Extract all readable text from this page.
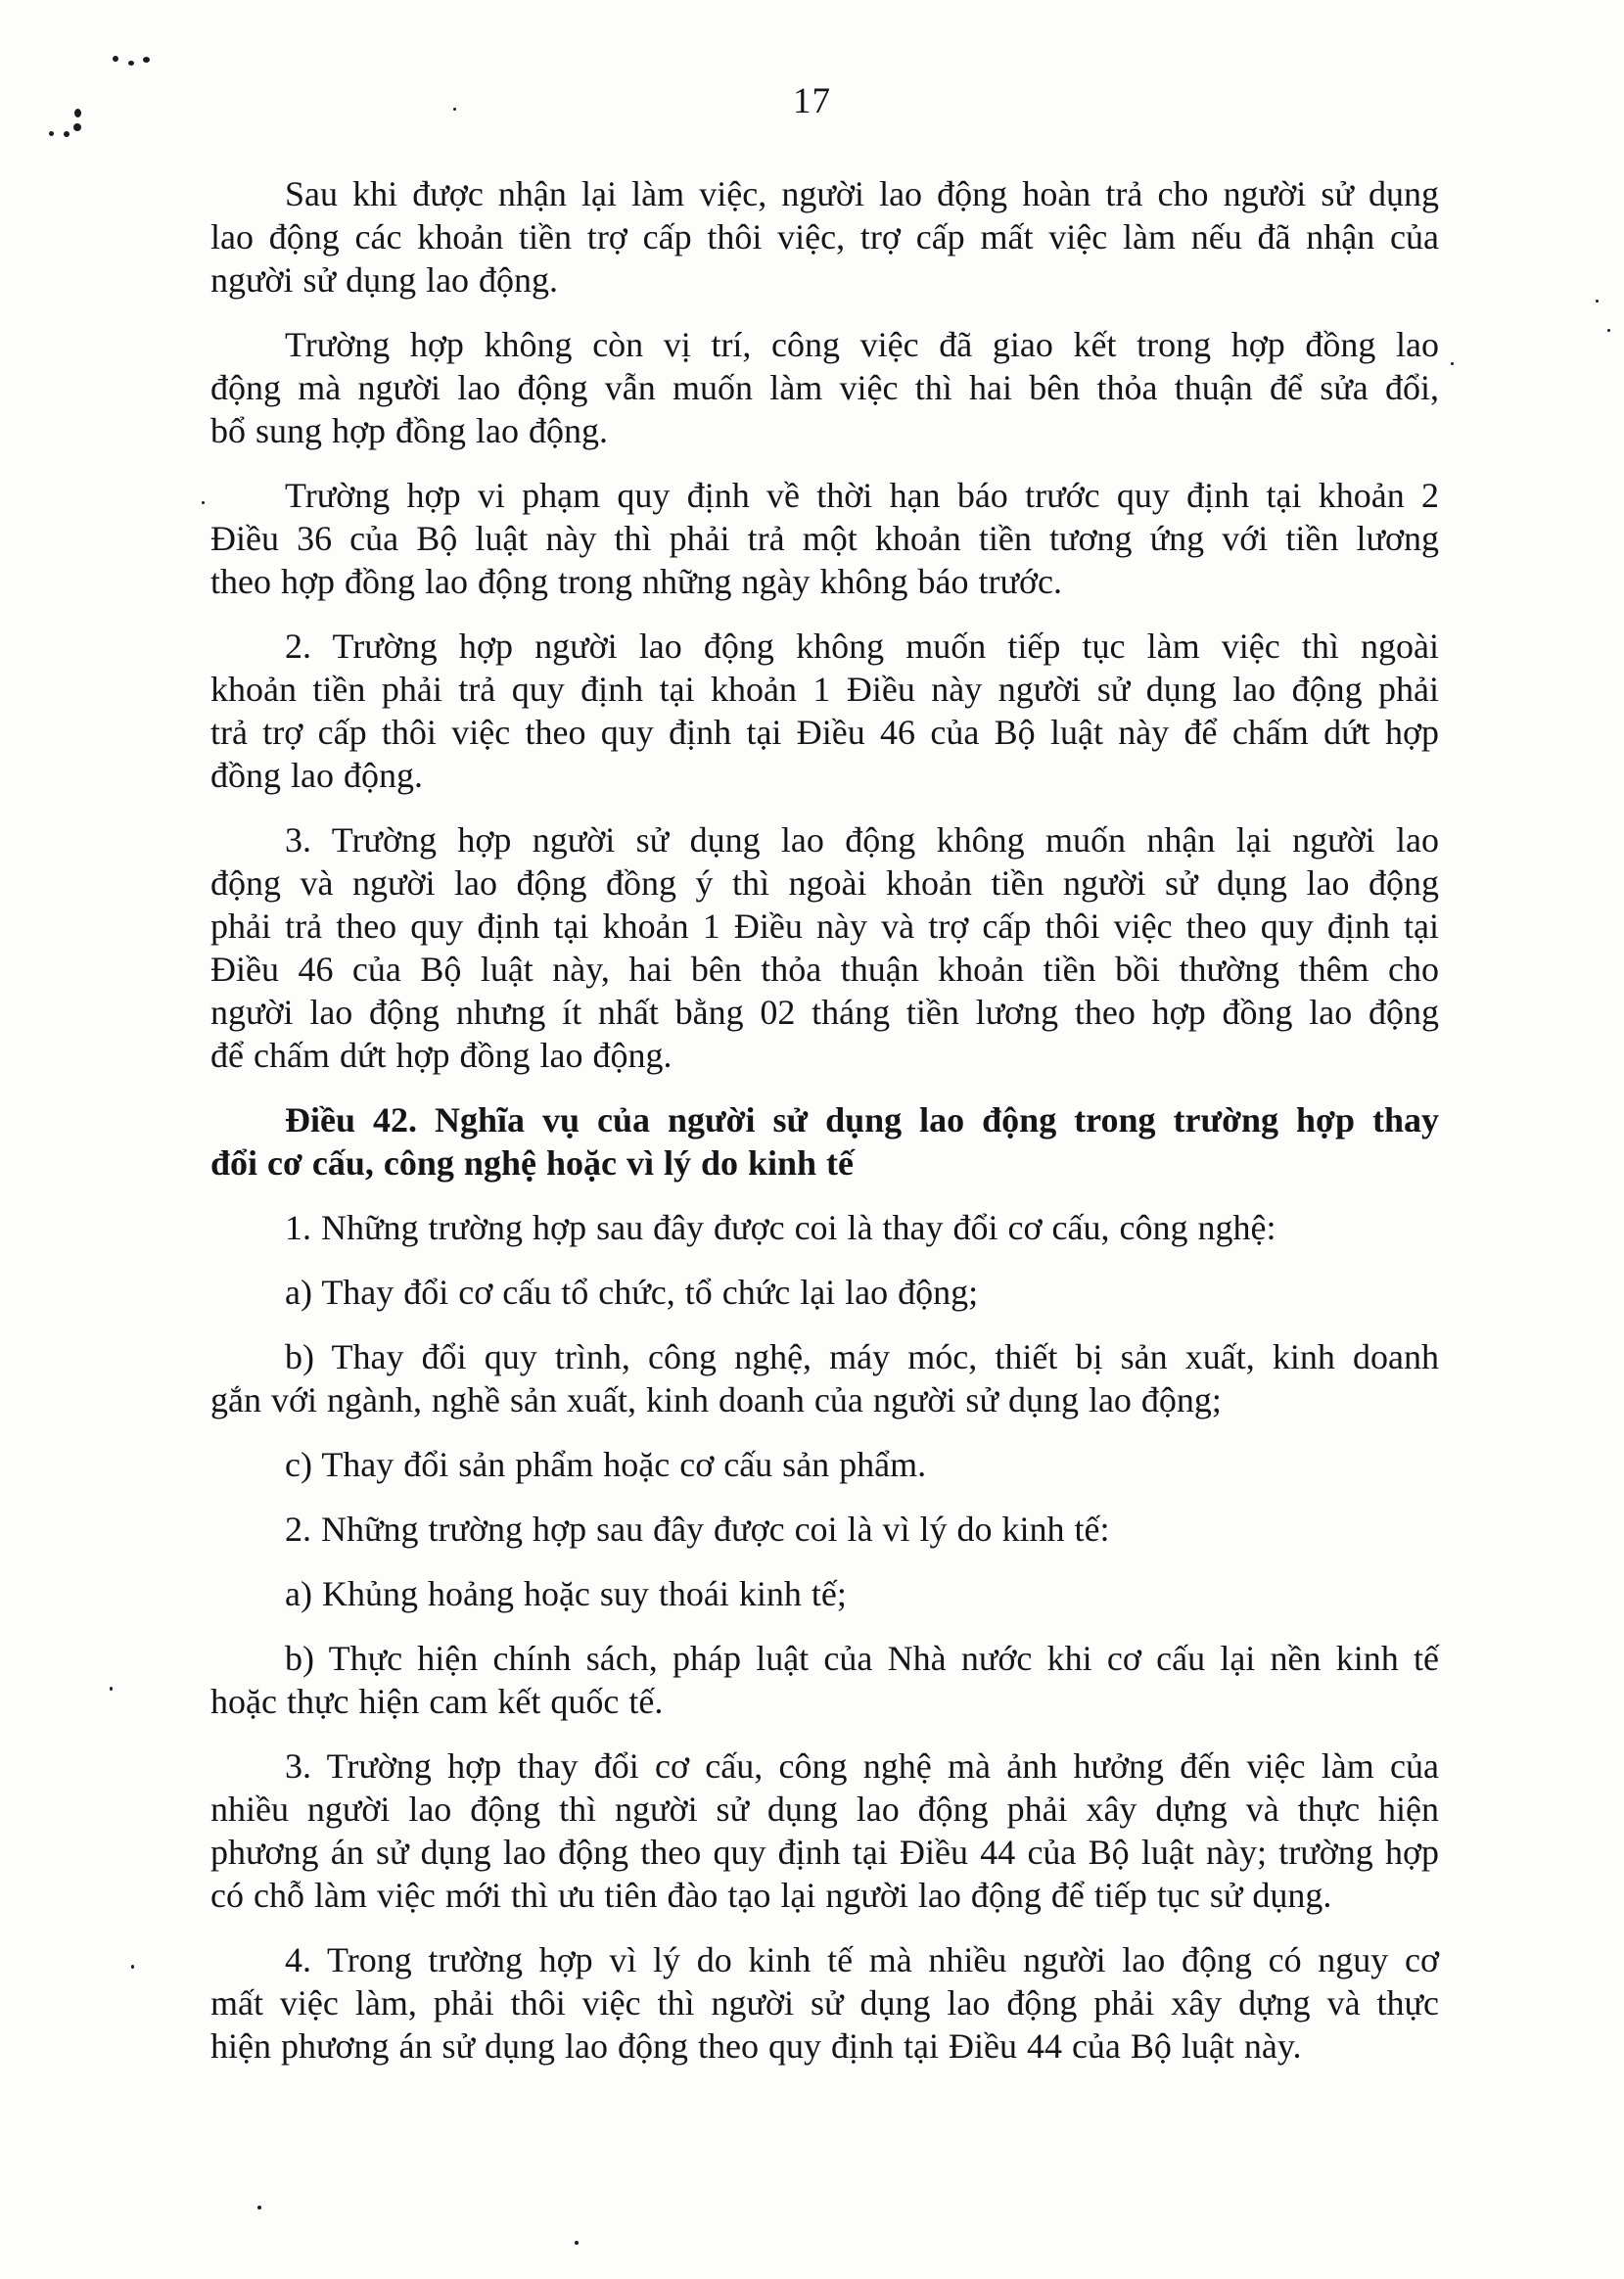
17

Sau khi được nhận lại làm việc, người lao động hoàn trả cho người sử dụng
lao động các khoản tiền trợ cấp thôi việc, trợ cấp mất việc làm nếu đã nhận của
người sử dụng lao động.

Trường hợp không còn vị trí, công việc đã giao kết trong hợp đồng lao
động mà người lao động vẫn muốn làm việc thì hai bên thỏa thuận để sửa đổi,
bổ sung hợp đồng lao động.

Trường hợp vi phạm quy định về thời hạn báo trước quy định tại khoản 2
Điều 36 của Bộ luật này thì phải trả một khoản tiền tương ứng với tiền lương
theo hợp đồng lao động trong những ngày không báo trước.

2. Trường hợp người lao động không muốn tiếp tục làm việc thì ngoài
khoản tiền phải trả quy định tại khoản 1 Điều này người sử dụng lao động phải
trả trợ cấp thôi việc theo quy định tại Điều 46 của Bộ luật này để chấm dứt hợp
đồng lao động.

3. Trường hợp người sử dụng lao động không muốn nhận lại người lao
động và người lao động đồng ý thì ngoài khoản tiền người sử dụng lao động
phải trả theo quy định tại khoản 1 Điều này và trợ cấp thôi việc theo quy định tại
Điều 46 của Bộ luật này, hai bên thỏa thuận khoản tiền bồi thường thêm cho
người lao động nhưng ít nhất bằng 02 tháng tiền lương theo hợp đồng lao động
để chấm dứt hợp đồng lao động.

Điều 42. Nghĩa vụ của người sử dụng lao động trong trường hợp thay
đổi cơ cấu, công nghệ hoặc vì lý do kinh tế

1. Những trường hợp sau đây được coi là thay đổi cơ cấu, công nghệ:

a) Thay đổi cơ cấu tổ chức, tổ chức lại lao động;

b) Thay đổi quy trình, công nghệ, máy móc, thiết bị sản xuất, kinh doanh
gắn với ngành, nghề sản xuất, kinh doanh của người sử dụng lao động;

c) Thay đổi sản phẩm hoặc cơ cấu sản phẩm.

2. Những trường hợp sau đây được coi là vì lý do kinh tế:

a) Khủng hoảng hoặc suy thoái kinh tế;

b) Thực hiện chính sách, pháp luật của Nhà nước khi cơ cấu lại nền kinh tế
hoặc thực hiện cam kết quốc tế.

3. Trường hợp thay đổi cơ cấu, công nghệ mà ảnh hưởng đến việc làm của
nhiều người lao động thì người sử dụng lao động phải xây dựng và thực hiện
phương án sử dụng lao động theo quy định tại Điều 44 của Bộ luật này; trường hợp
có chỗ làm việc mới thì ưu tiên đào tạo lại người lao động để tiếp tục sử dụng.

4. Trong trường hợp vì lý do kinh tế mà nhiều người lao động có nguy cơ
mất việc làm, phải thôi việc thì người sử dụng lao động phải xây dựng và thực
hiện phương án sử dụng lao động theo quy định tại Điều 44 của Bộ luật này.
